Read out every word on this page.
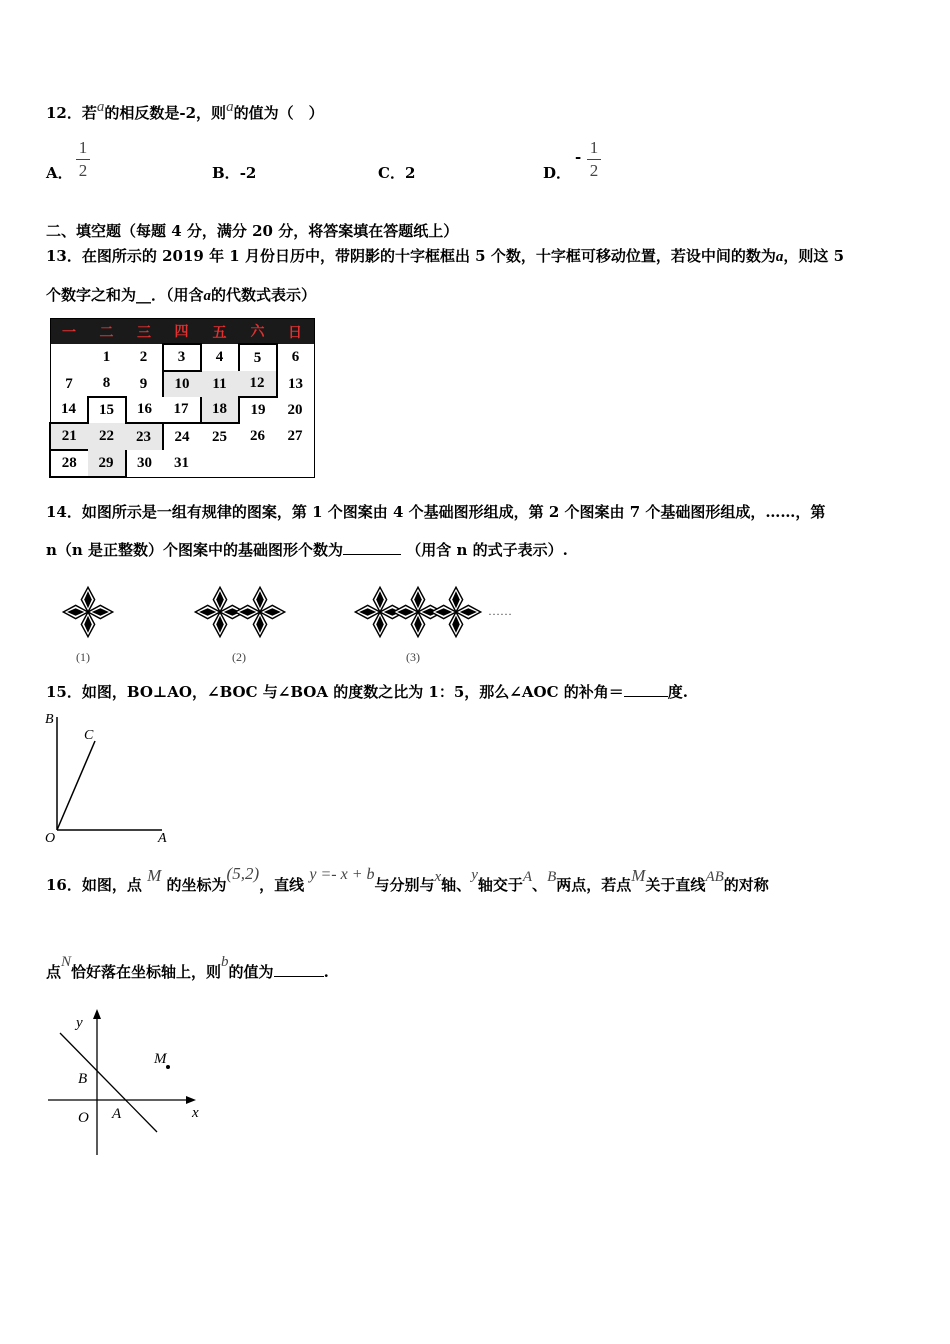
12．若a的相反数是-2，则a的值为（　）
A．
1
2	B．-2	C．2	D．
- 1
2
二、填空题（每题 4 分，满分 20 分，将答案填在答题纸上）
13．在图所示的 2019 年 1 月份日历中，带阴影的十字框框出 5 个数，十字框可移动位置，若设中间的数为a，则这 5
个数字之和为__．（用含a的代数式表示）
一	二	三	四	五	六	日
	1	2	3	4	5	6
7	8	9	10	11	12	13
14	15	16	17	18	19	20
21	22	23	24	25	26	27
28	29	30	31			
14．如图所示是一组有规律的图案，第 1 个图案由 4 个基础图形组成，第 2 个图案由 7 个基础图形组成，……，第
n（n 是正整数）个图案中的基础图形个数为	（用含 n 的式子表示）.
……
(1)	(2)	(3)
15．如图，BO⊥AO，∠BOC 与∠BOA 的度数之比为 1：5，那么∠AOC 的补角＝	度.
B
C
O	A
16．如图，点 M 的坐标为(5,2)，直线 y =- x + b与分别与x轴、y轴交于A、B两点，若点M关于直线AB的对称
点N恰好落在坐标轴上，则b的值为	.
y
x
B
O A
M
